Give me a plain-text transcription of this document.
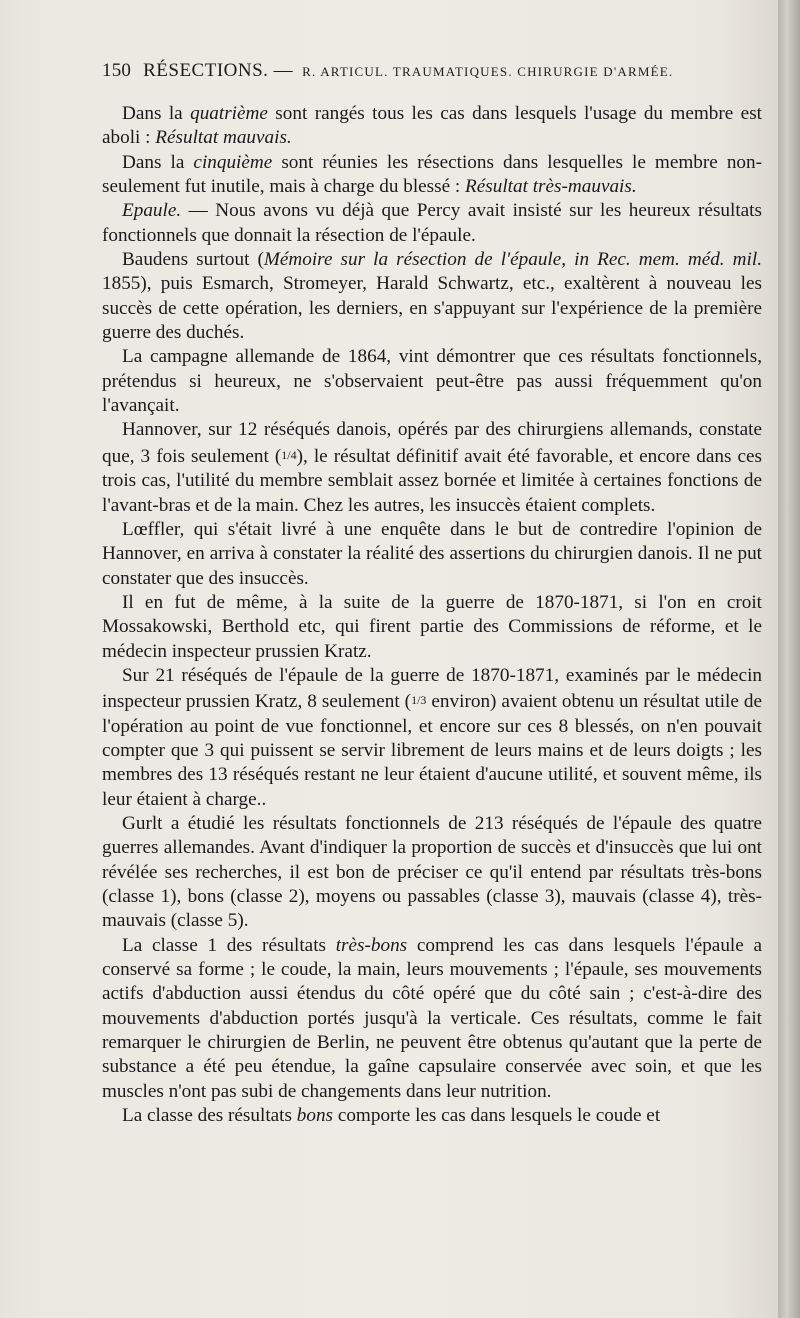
150 RÉSECTIONS. — R. ARTICUL. TRAUMATIQUES. CHIRURGIE D'ARMÉE.

Dans la quatrième sont rangés tous les cas dans lesquels l'usage du membre est aboli : Résultat mauvais.

Dans la cinquième sont réunies les résections dans lesquelles le membre non-seulement fut inutile, mais à charge du blessé : Résultat très-mauvais.

Epaule. — Nous avons vu déjà que Percy avait insisté sur les heureux résultats fonctionnels que donnait la résection de l'épaule.

Baudens surtout (Mémoire sur la résection de l'épaule, in Rec. mem. méd. mil. 1855), puis Esmarch, Stromeyer, Harald Schwartz, etc., exaltèrent à nouveau les succès de cette opération, les derniers, en s'appuyant sur l'expérience de la première guerre des duchés.

La campagne allemande de 1864, vint démontrer que ces résultats fonctionnels, prétendus si heureux, ne s'observaient peut-être pas aussi fréquemment qu'on l'avançait.

Hannover, sur 12 réséqués danois, opérés par des chirurgiens allemands, constate que, 3 fois seulement (1/4), le résultat définitif avait été favorable, et encore dans ces trois cas, l'utilité du membre semblait assez bornée et limitée à certaines fonctions de l'avant-bras et de la main. Chez les autres, les insuccès étaient complets.

Lœffler, qui s'était livré à une enquête dans le but de contredire l'opinion de Hannover, en arriva à constater la réalité des assertions du chirurgien danois. Il ne put constater que des insuccès.

Il en fut de même, à la suite de la guerre de 1870-1871, si l'on en croit Mossakowski, Berthold etc, qui firent partie des Commissions de réforme, et le médecin inspecteur prussien Kratz.

Sur 21 réséqués de l'épaule de la guerre de 1870-1871, examinés par le médecin inspecteur prussien Kratz, 8 seulement (1/3 environ) avaient obtenu un résultat utile de l'opération au point de vue fonctionnel, et encore sur ces 8 blessés, on n'en pouvait compter que 3 qui puissent se servir librement de leurs mains et de leurs doigts ; les membres des 13 réséqués restant ne leur étaient d'aucune utilité, et souvent même, ils leur étaient à charge..

Gurlt a étudié les résultats fonctionnels de 213 réséqués de l'épaule des quatre guerres allemandes. Avant d'indiquer la proportion de succès et d'insuccès que lui ont révélée ses recherches, il est bon de préciser ce qu'il entend par résultats très-bons (classe 1), bons (classe 2), moyens ou passables (classe 3), mauvais (classe 4), très-mauvais (classe 5).

La classe 1 des résultats très-bons comprend les cas dans lesquels l'épaule a conservé sa forme ; le coude, la main, leurs mouvements ; l'épaule, ses mouvements actifs d'abduction aussi étendus du côté opéré que du côté sain ; c'est-à-dire des mouvements d'abduction portés jusqu'à la verticale. Ces résultats, comme le fait remarquer le chirurgien de Berlin, ne peuvent être obtenus qu'autant que la perte de substance a été peu étendue, la gaîne capsulaire conservée avec soin, et que les muscles n'ont pas subi de changements dans leur nutrition.

La classe des résultats bons comporte les cas dans lesquels le coude et
